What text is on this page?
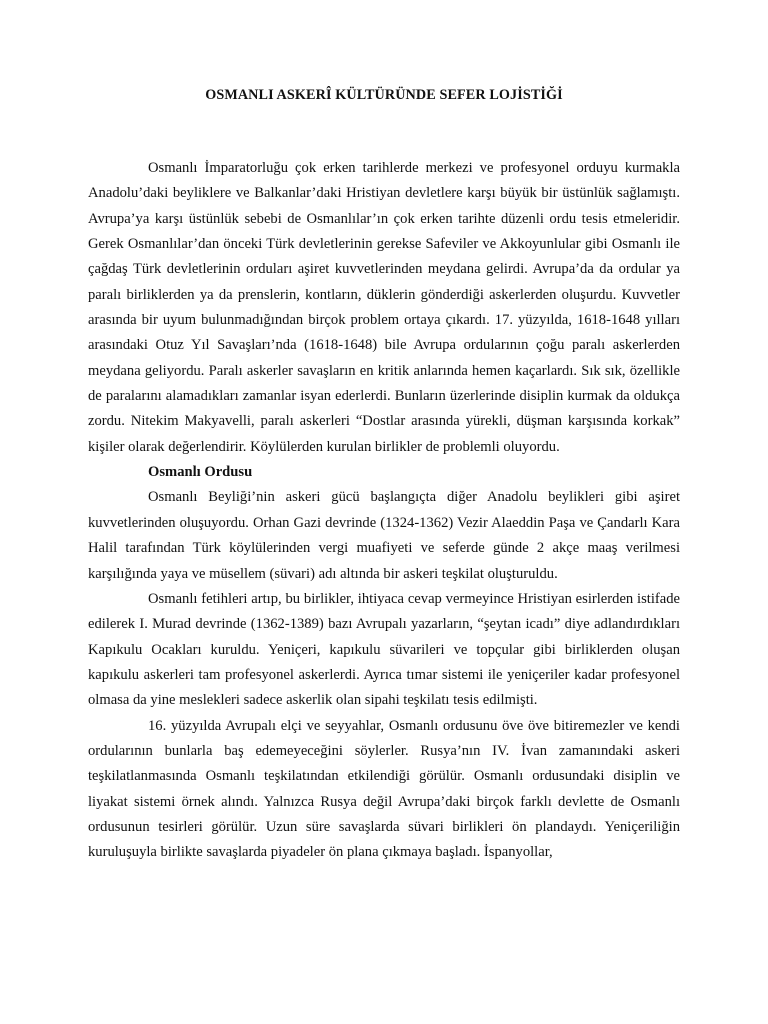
OSMANLI ASKERÎ KÜLTÜRÜNDE SEFER LOJİSTİĞİ

Osmanlı İmparatorluğu çok erken tarihlerde merkezi ve profesyonel orduyu kurmakla Anadolu’daki beyliklere ve Balkanlar’daki Hristiyan devletlere karşı büyük bir üstünlük sağlamıştı. Avrupa’ya karşı üstünlük sebebi de Osmanlılar’ın çok erken tarihte düzenli ordu tesis etmeleridir. Gerek Osmanlılar’dan önceki Türk devletlerinin gerekse Safeviler ve Akkoyunlular gibi Osmanlı ile çağdaş Türk devletlerinin orduları aşiret kuvvetlerinden meydana gelirdi. Avrupa’da da ordular ya paralı birliklerden ya da prenslerin, kontların, düklerin gönderdiği askerlerden oluşurdu. Kuvvetler arasında bir uyum bulunmadığından birçok problem ortaya çıkardı. 17. yüzyılda, 1618-1648 yılları arasındaki Otuz Yıl Savaşları’nda (1618-1648) bile Avrupa ordularının çoğu paralı askerlerden meydana geliyordu. Paralı askerler savaşların en kritik anlarında hemen kaçarlardı. Sık sık, özellikle de paralarını alamadıkları zamanlar isyan ederlerdi. Bunların üzerlerinde disiplin kurmak da oldukça zordu. Nitekim Makyavelli, paralı askerleri “Dostlar arasında yürekli, düşman karşısında korkak” kişiler olarak değerlendirir. Köylülerden kurulan birlikler de problemli oluyordu.

Osmanlı Ordusu

Osmanlı Beyliği’nin askeri gücü başlangıçta diğer Anadolu beylikleri gibi aşiret kuvvetlerinden oluşuyordu. Orhan Gazi devrinde (1324-1362) Vezir Alaeddin Paşa ve Çandarlı Kara Halil tarafından Türk köylülerinden vergi muafiyeti ve seferde günde 2 akçe maaş verilmesi karşılığında yaya ve müsellem (süvari) adı altında bir askeri teşkilat oluşturuldu.

Osmanlı fetihleri artıp, bu birlikler, ihtiyaca cevap vermeyince Hristiyan esirlerden istifade edilerek I. Murad devrinde (1362-1389) bazı Avrupalı yazarların, “şeytan icadı” diye adlandırdıkları Kapıkulu Ocakları kuruldu. Yeniçeri, kapıkulu süvarileri ve topçular gibi birliklerden oluşan kapıkulu askerleri tam profesyonel askerlerdi. Ayrıca tımar sistemi ile yeniçeriler kadar profesyonel olmasa da yine meslekleri sadece askerlik olan sipahi teşkilatı tesis edilmişti.

16. yüzyılda Avrupalı elçi ve seyyahlar, Osmanlı ordusunu öve öve bitiremezler ve kendi ordularının bunlarla baş edemeyeceğini söylerler. Rusya’nın IV. İvan zamanındaki askeri teşkilatlanmasında Osmanlı teşkilatından etkilendiği görülür. Osmanlı ordusundaki disiplin ve liyakat sistemi örnek alındı. Yalnızca Rusya değil Avrupa’daki birçok farklı devlette de Osmanlı ordusunun tesirleri görülür. Uzun süre savaşlarda süvari birlikleri ön plandaydı. Yeniçeriliğin kuruluşuyla birlikte savaşlarda piyadeler ön plana çıkmaya başladı. İspanyollar,
